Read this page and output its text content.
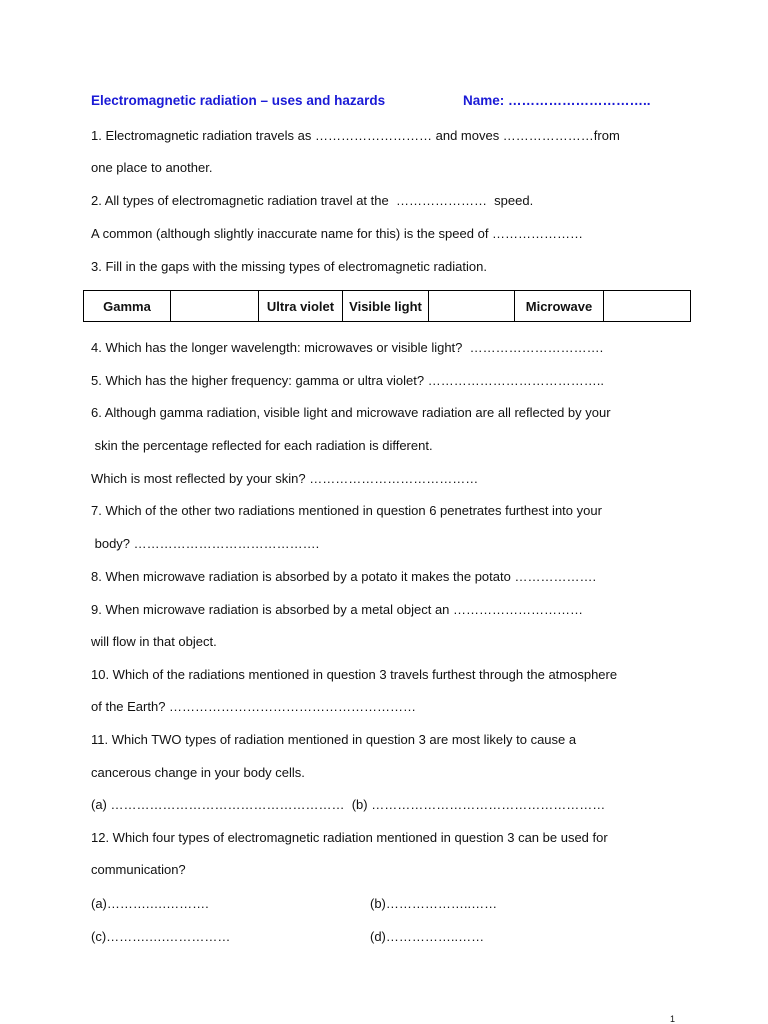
Electromagnetic radiation – uses and hazards	Name: …………………………..
1. Electromagnetic radiation travels as ……………………… and moves …………………from
one place to another.
2. All types of electromagnetic radiation travel at the  …………………  speed.
A common (although slightly inaccurate name for this) is the speed of …………………
3. Fill in the gaps with the missing types of electromagnetic radiation.
Gamma		Ultra violet	Visible light		Microwave	
4. Which has the longer wavelength: microwaves or visible light?  ………………………….
5. Which has the higher frequency: gamma or ultra violet? …………………………………..
6. Although gamma radiation, visible light and microwave radiation are all reflected by your
skin the percentage reflected for each radiation is different.
Which is most reflected by your skin? …………………………………
7. Which of the other two radiations mentioned in question 6 penetrates furthest into your
body? …………………………………….
8. When microwave radiation is absorbed by a potato it makes the potato ……………….
9. When microwave radiation is absorbed by a metal object an …………………………
will flow in that object.
10. Which of the radiations mentioned in question 3 travels furthest through the atmosphere
of the Earth? …………………………………………………
11. Which TWO types of radiation mentioned in question 3 are most likely to cause a
cancerous change in your body cells.
(a) ………………………………………………  (b) ………………………………………………
12. Which four types of electromagnetic radiation mentioned in question 3 can be used for
communication?
(a)……….….……….	(b)………………..……
(c)……….….……………	(d)……………..……
1
